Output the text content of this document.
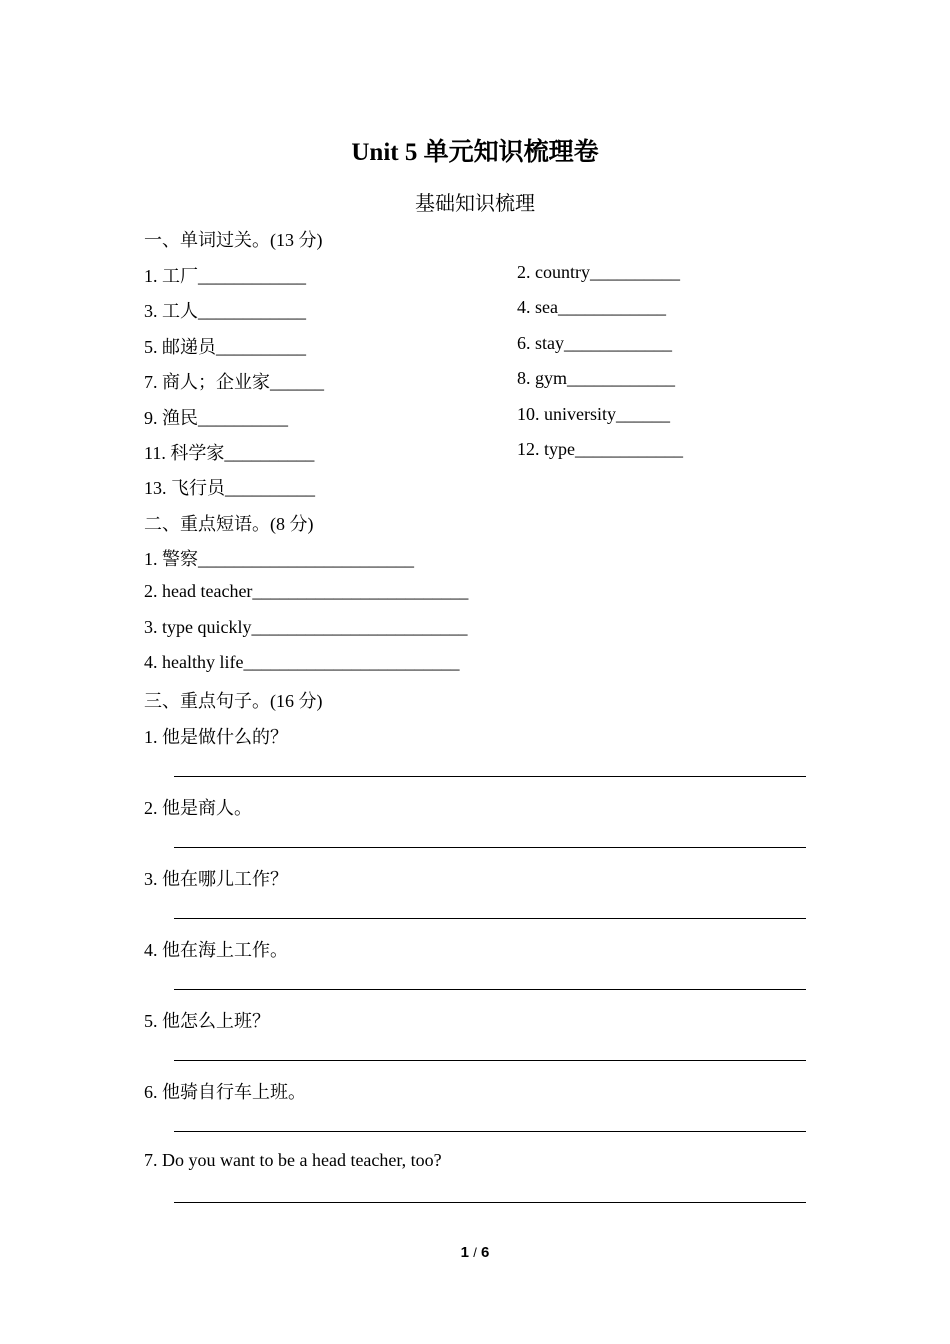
Unit 5 单元知识梳理卷
基础知识梳理
一、单词过关。(13 分)
1. 工厂____________	2. country__________
3. 工人____________	4. sea____________
5. 邮递员__________	6. stay____________
7. 商人；企业家______	8. gym____________
9. 渔民__________	10. university______
11. 科学家__________	12. type____________
13. 飞行员__________
二、重点短语。(8 分)
1. 警察________________________
2. head teacher________________________
3. type quickly________________________
4. healthy life________________________
三、重点句子。(16 分)
1. 他是做什么的？
2. 他是商人。
3. 他在哪儿工作？
4. 他在海上工作。
5. 他怎么上班？
6. 他骑自行车上班。
7. Do you want to be a head teacher, too?
1 / 6
